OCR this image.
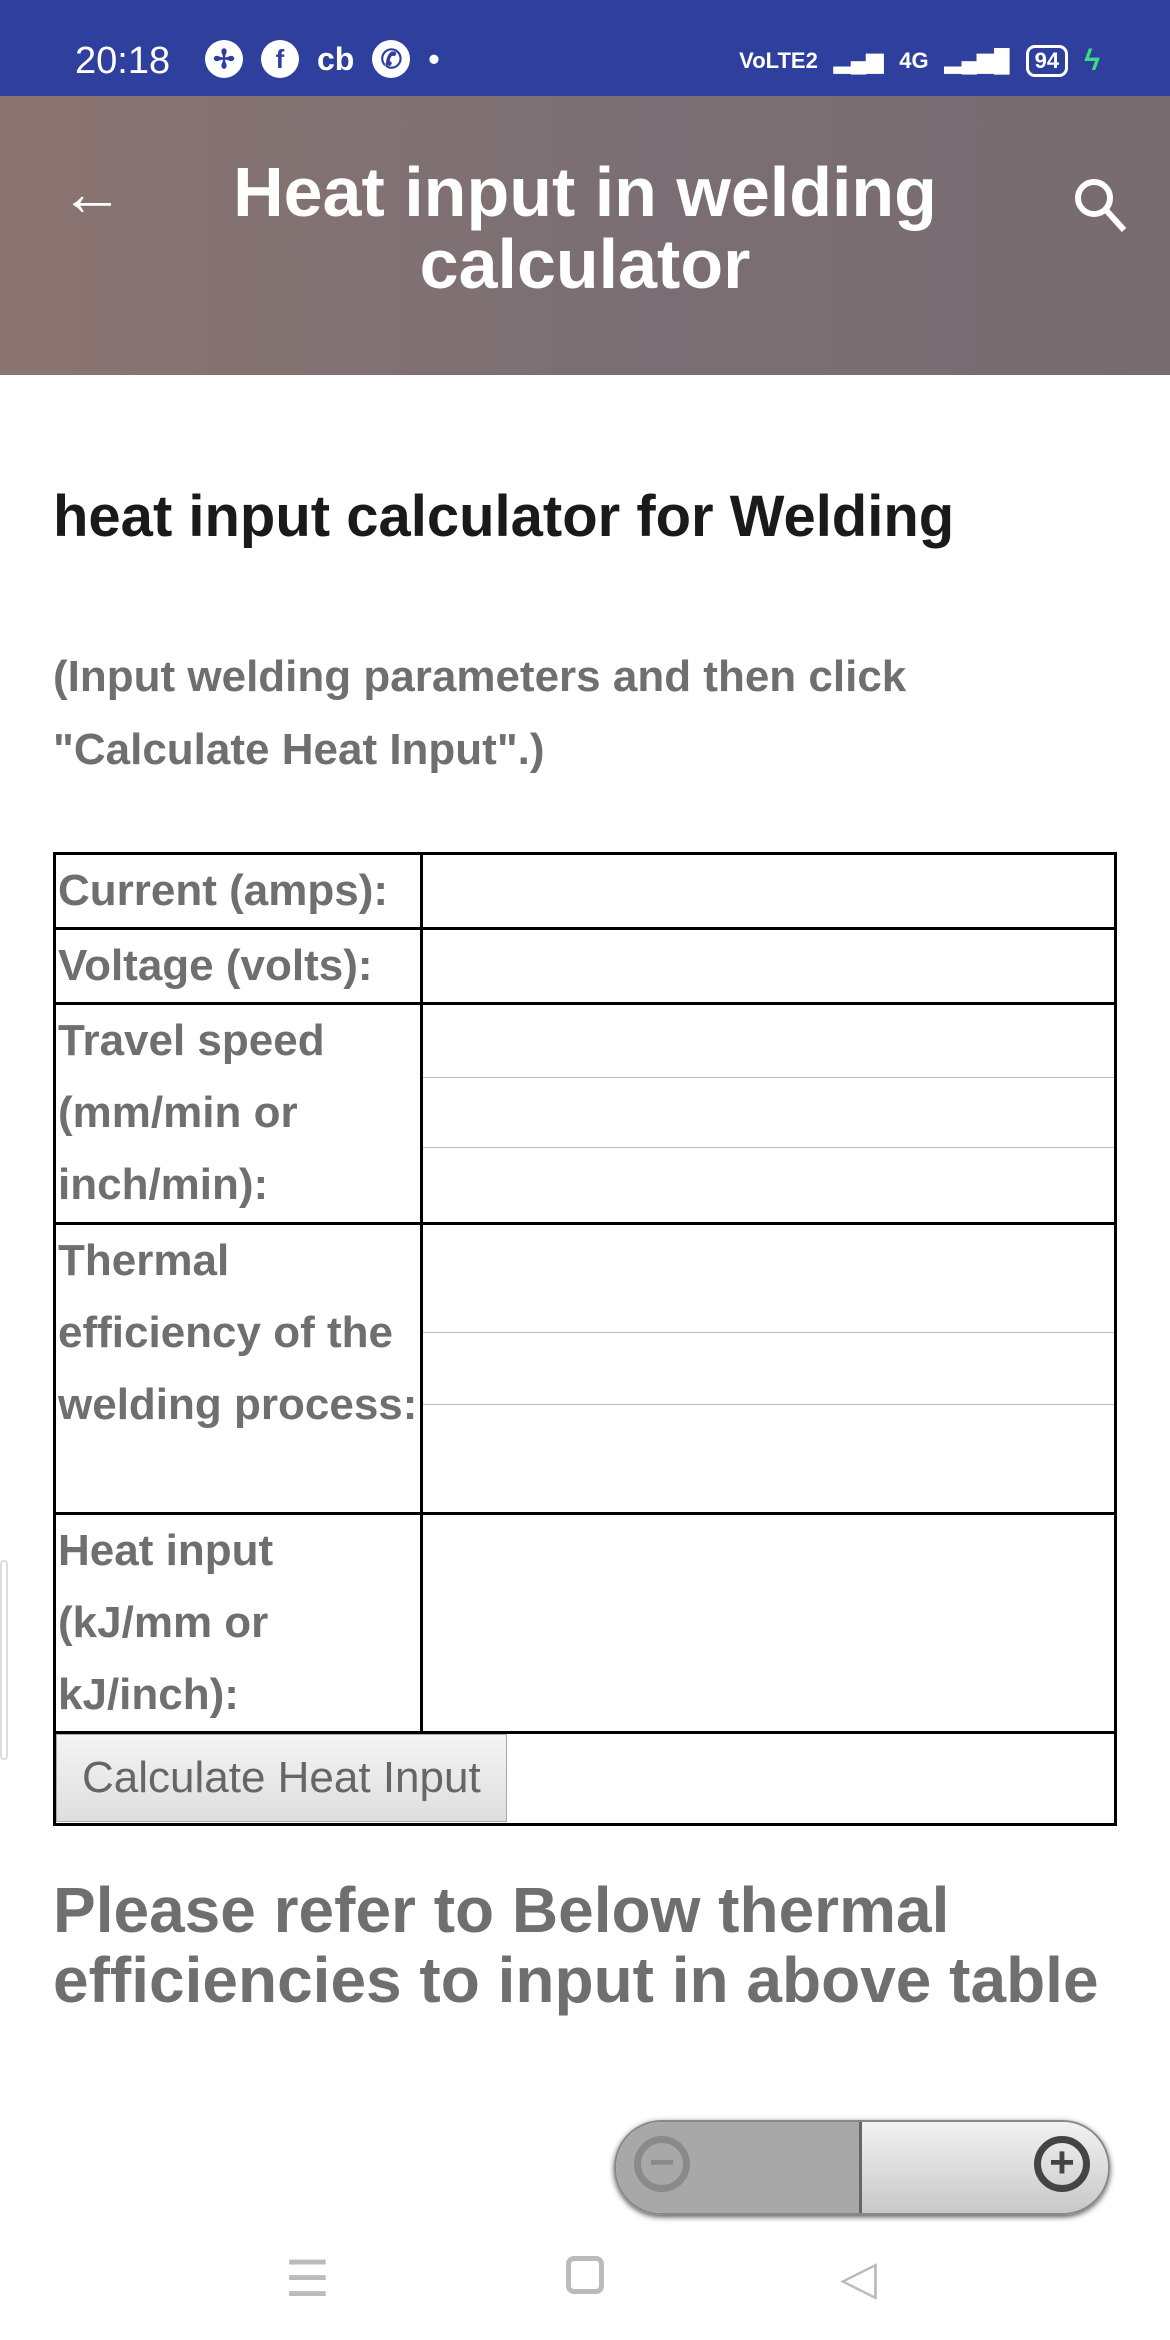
20:18	✢	f	cb	✆ •	VoLTE2 ▂▄▆ 4G ▂▄▆█	94 ϟ
←	Heat input in welding calculator
heat input calculator for Welding
(Input welding parameters and then click "Calculate Heat Input".)
Current (amps):	

Voltage (volts):	

Travel speed (mm/min or inch/min):	

Thermal efficiency of the welding process:	

Heat input (kJ/mm or kJ/inch):	
Calculate Heat Input	
Please refer to Below thermal efficiencies to input in above table
−	+
☰	◁
